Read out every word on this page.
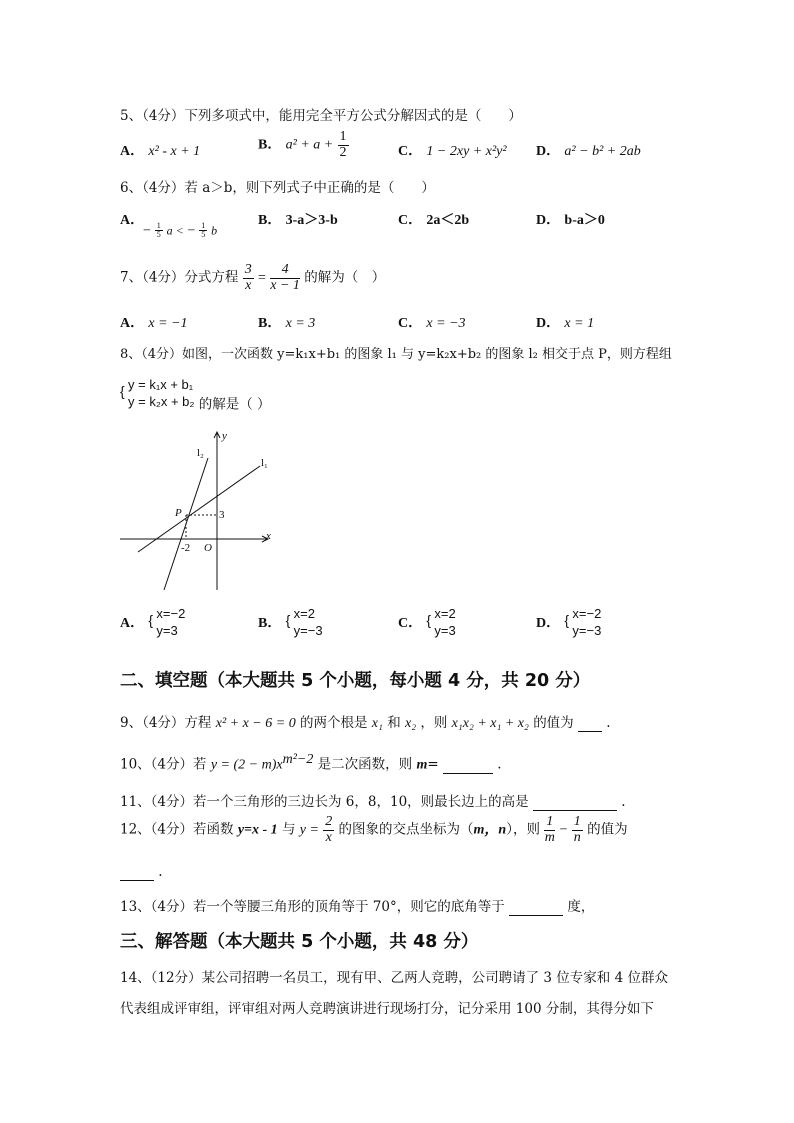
5、（4分）下列多项式中，能用完全平方公式分解因式的是（　　）
A． x² - x + 1	B． $a^2 + a + \frac{1}{2}$	C． 1 − 2xy + x²y² D． a² − b² + 2ab
6、（4分）若 a＞b，则下列式子中正确的是（　　）
A．
− $\frac{1}{5}$ a < − $\frac{1}{5}$ b
B． 3-a＞3-b	C． 2a＜2b	D． b-a＞0
7、（4分）分式方程 $\frac{3}{x} = \frac{4}{x - 1}$ 的解为（　）
A． x = −1	B． x = 3	C． x = −3	D． x = 1
8、（4分）如图，一次函数 y=k₁x+b₁ 的图象 l₁ 与 y=k₂x+b₂ 的图象 l₂ 相交于点 P，则方程组
{ y = k₁x + b₁
y = k₂x + b₂ 的解是（ ）
l₂
l₁
y
x
P	3
-2 O
A． { x=−2
y=3	B． { x=2
y=−3	C． { x=2
y=3	D． { x=−2
y=−3
二、填空题（本大题共 5 个小题，每小题 4 分，共 20 分）
9、（4分）方程 x² + x − 6 = 0 的两个根是 x₁ 和 x₂ ，则 x₁x₂ + x₁ + x₂ 的值为 .
10、（4分）若 $y = (2 - m)x^{m^2-2}$ 是二次函数，则 m=	.
11、（4分）若一个三角形的三边长为 6，8，10，则最长边上的高是	.
12、（4分）若函数 y=x - 1 与 $y = \frac{2}{x}$ 的图象的交点坐标为（m，n），则 $\frac{1}{m} - \frac{1}{n}$ 的值为
.
13、（4分）若一个等腰三角形的顶角等于 70°，则它的底角等于	度，
三、解答题（本大题共 5 个小题，共 48 分）
14、（12分）某公司招聘一名员工，现有甲、乙两人竞聘，公司聘请了 3 位专家和 4 位群众
代表组成评审组，评审组对两人竞聘演讲进行现场打分，记分采用 100 分制，其得分如下
